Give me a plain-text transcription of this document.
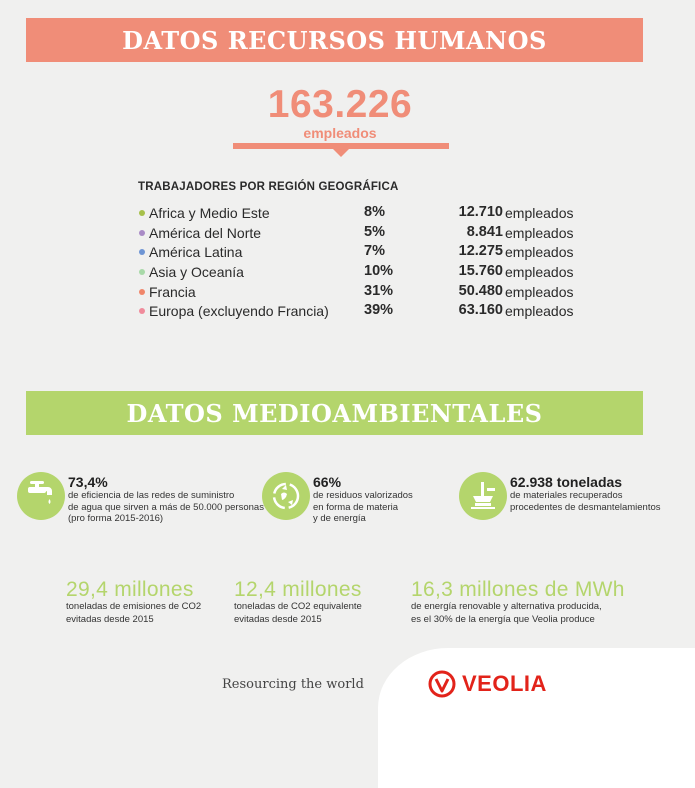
DATOS RECURSOS HUMANOS
163.226
empleados
TRABAJADORES POR REGIÓN GEOGRÁFICA
Africa y Medio Este	8%	12.710 empleados
América del Norte	5%	8.841 empleados
América Latina	7%	12.275 empleados
Asia y Oceanía	10%	15.760 empleados
Francia	31%	50.480 empleados
Europa (excluyendo Francia) 39%	63.160 empleados
DATOS MEDIOAMBIENTALES
73,4%
de eficiencia de las redes de suministro
de agua que sirven a más de 50.000 personas
(pro forma 2015-2016)
66%
de residuos valorizados
en forma de materia
y de energía
62.938 toneladas
de materiales recuperados
procedentes de desmantelamientos
29,4 millones
toneladas de emisiones de CO2
evitadas desde 2015
12,4 millones
toneladas de CO2 equivalente
evitadas desde 2015
16,3 millones de MWh
de energía renovable y alternativa producida,
es el 30% de la energía que Veolia produce
Resourcing the world	VEOLIA
